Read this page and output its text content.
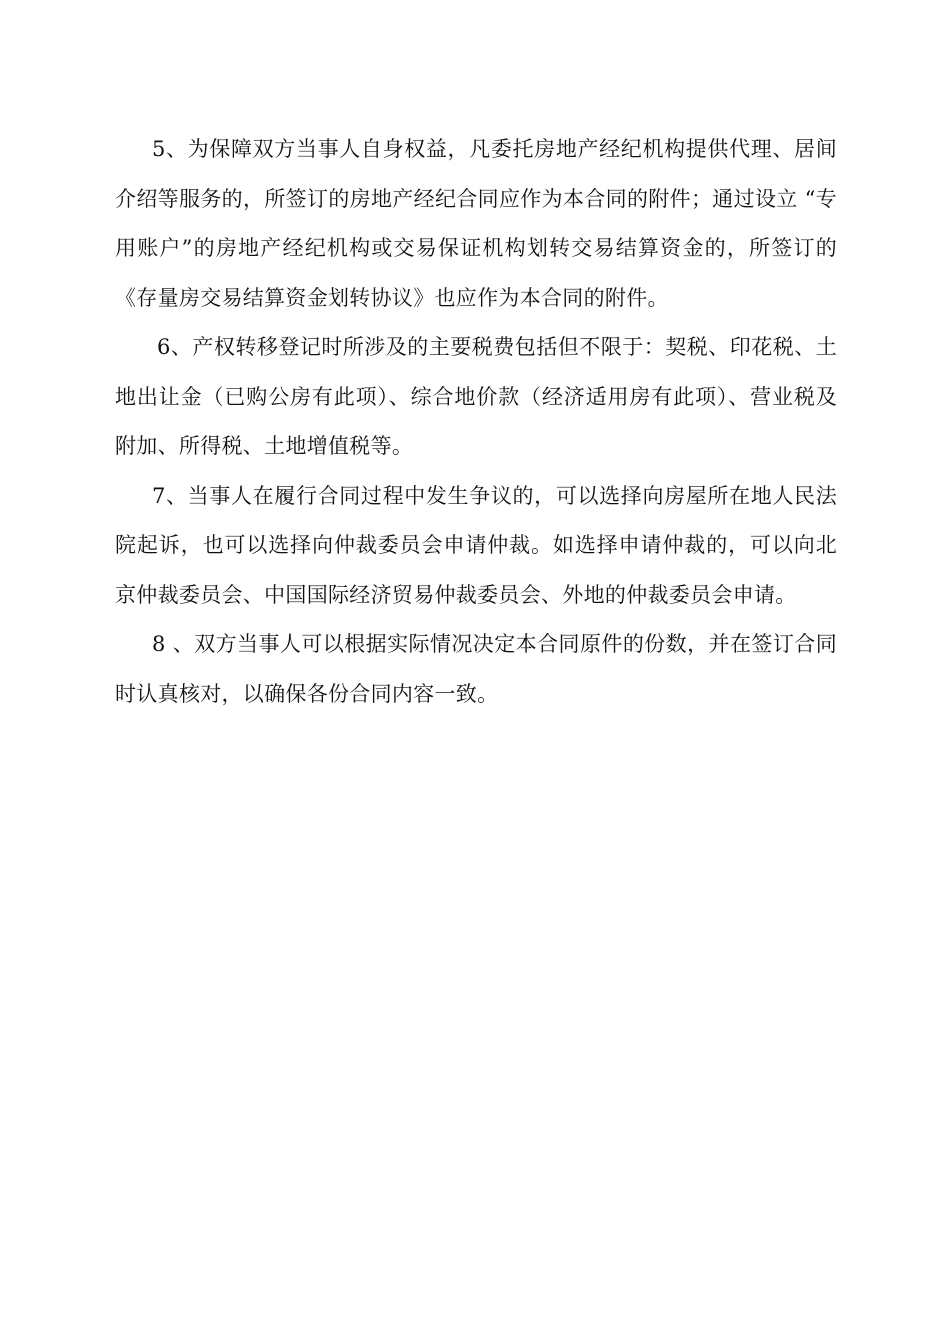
5、为保障双方当事人自身权益，凡委托房地产经纪机构提供代理、居间介绍等服务的，所签订的房地产经纪合同应作为本合同的附件；通过设立 “专用账户”的房地产经纪机构或交易保证机构划转交易结算资金的，所签订的《存量房交易结算资金划转协议》也应作为本合同的附件。

6、产权转移登记时所涉及的主要税费包括但不限于：契税、印花税、土地出让金（已购公房有此项）、综合地价款（经济适用房有此项）、营业税及附加、所得税、土地增值税等。

7、当事人在履行合同过程中发生争议的，可以选择向房屋所在地人民法院起诉，也可以选择向仲裁委员会申请仲裁。如选择申请仲裁的，可以向北京仲裁委员会、中国国际经济贸易仲裁委员会、外地的仲裁委员会申请。

8 、双方当事人可以根据实际情况决定本合同原件的份数，并在签订合同时认真核对，以确保各份合同内容一致。
